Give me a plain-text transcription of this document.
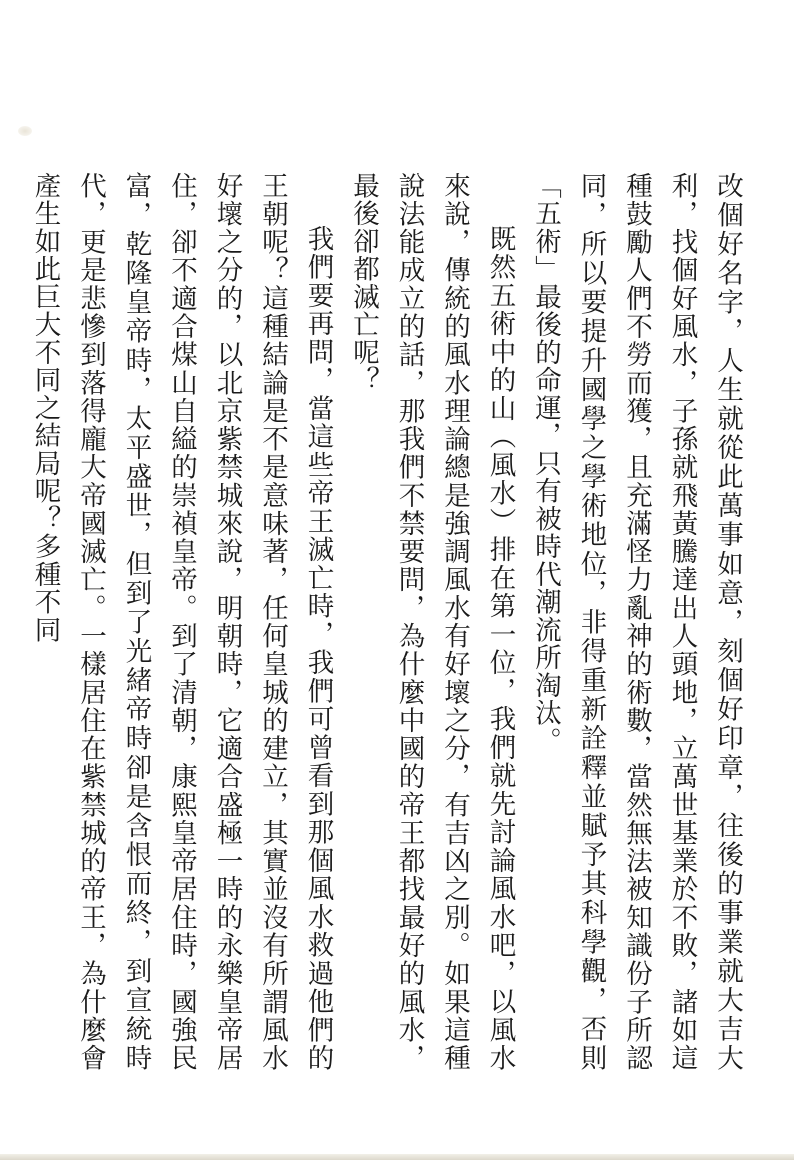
改個好名字，人生就從此萬事如意，刻個好印章，往後的事業就大吉大利，找個好風水，子孫就飛黃騰達出人頭地，立萬世基業於不敗，諸如這種鼓勵人們不勞而獲，且充滿怪力亂神的術數，當然無法被知識份子所認同，所以要提升國學之學術地位，非得重新詮釋並賦予其科學觀，否則「五術」最後的命運，只有被時代潮流所淘汰。

既然五術中的山（風水）排在第一位，我們就先討論風水吧，以風水來說，傳統的風水理論總是強調風水有好壞之分，有吉凶之別。如果這種說法能成立的話，那我們不禁要問，為什麼中國的帝王都找最好的風水，最後卻都滅亡呢？

我們要再問，當這些帝王滅亡時，我們可曾看到那個風水救過他們的王朝呢？這種結論是不是意味著，任何皇城的建立，其實並沒有所謂風水好壞之分的，以北京紫禁城來說，明朝時，它適合盛極一時的永樂皇帝居住，卻不適合煤山自縊的崇禎皇帝。到了清朝，康熙皇帝居住時，國強民富，乾隆皇帝時，太平盛世，但到了光緒帝時卻是含恨而終，到宣統時代，更是悲慘到落得龐大帝國滅亡。一樣居住在紫禁城的帝王，為什麼會產生如此巨大不同之結局呢？多種不同
